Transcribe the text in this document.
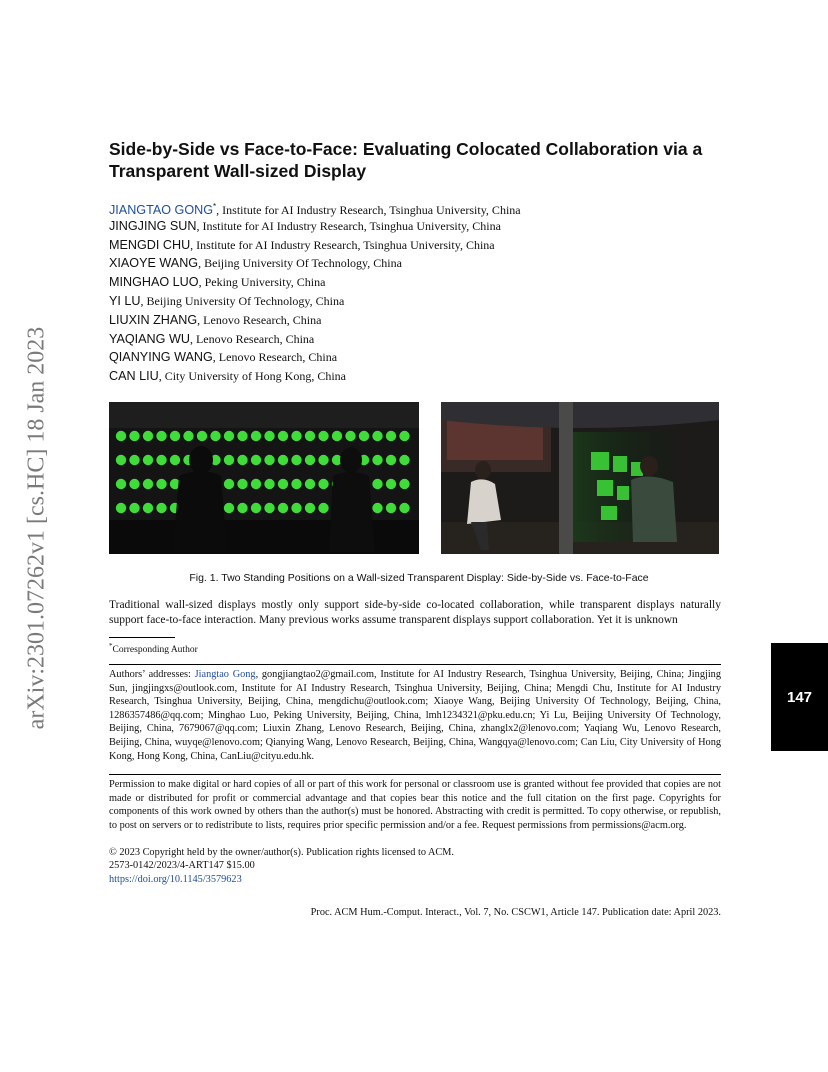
arXiv:2301.07262v1 [cs.HC] 18 Jan 2023	147
Side-by-Side vs Face-to-Face: Evaluating Colocated Collaboration via a Transparent Wall-sized Display
JIANGTAO GONG*, Institute for AI Industry Research, Tsinghua University, China
JINGJING SUN, Institute for AI Industry Research, Tsinghua University, China
MENGDI CHU, Institute for AI Industry Research, Tsinghua University, China
XIAOYE WANG, Beijing University Of Technology, China
MINGHAO LUO, Peking University, China
YI LU, Beijing University Of Technology, China
LIUXIN ZHANG, Lenovo Research, China
YAQIANG WU, Lenovo Research, China
QIANYING WANG, Lenovo Research, China
CAN LIU, City University of Hong Kong, China
Fig. 1. Two Standing Positions on a Wall-sized Transparent Display: Side-by-Side vs. Face-to-Face

Traditional wall-sized displays mostly only support side-by-side co-located collaboration, while transparent displays naturally support face-to-face interaction. Many previous works assume transparent displays support collaboration. Yet it is unknown

*Corresponding Author

Authors’ addresses: Jiangtao Gong, gongjiangtao2@gmail.com, Institute for AI Industry Research, Tsinghua University, Beijing, China; Jingjing Sun, jingjingxs@outlook.com, Institute for AI Industry Research, Tsinghua University, Beijing, China; Mengdi Chu, Institute for AI Industry Research, Tsinghua University, Beijing, China, mengdichu@outlook.com; Xiaoye Wang, Beijing University Of Technology, Beijing, China, 1286357486@qq.com; Minghao Luo, Peking University, Beijing, China, lmh1234321@pku.edu.cn; Yi Lu, Beijing University Of Technology, Beijing, China, 7679067@qq.com; Liuxin Zhang, Lenovo Research, Beijing, China, zhanglx2@lenovo.com; Yaqiang Wu, Lenovo Research, Beijing, China, wuyqe@lenovo.com; Qianying Wang, Lenovo Research, Beijing, China, Wangqya@lenovo.com; Can Liu, City University of Hong Kong, Hong Kong, China, CanLiu@cityu.edu.hk.

Permission to make digital or hard copies of all or part of this work for personal or classroom use is granted without fee provided that copies are not made or distributed for profit or commercial advantage and that copies bear this notice and the full citation on the first page. Copyrights for components of this work owned by others than the author(s) must be honored. Abstracting with credit is permitted. To copy otherwise, or republish, to post on servers or to redistribute to lists, requires prior specific permission and/or a fee. Request permissions from permissions@acm.org.

© 2023 Copyright held by the owner/author(s). Publication rights licensed to ACM.
2573-0142/2023/4-ART147 $15.00
https://doi.org/10.1145/3579623
Proc. ACM Hum.-Comput. Interact., Vol. 7, No. CSCW1, Article 147. Publication date: April 2023.
